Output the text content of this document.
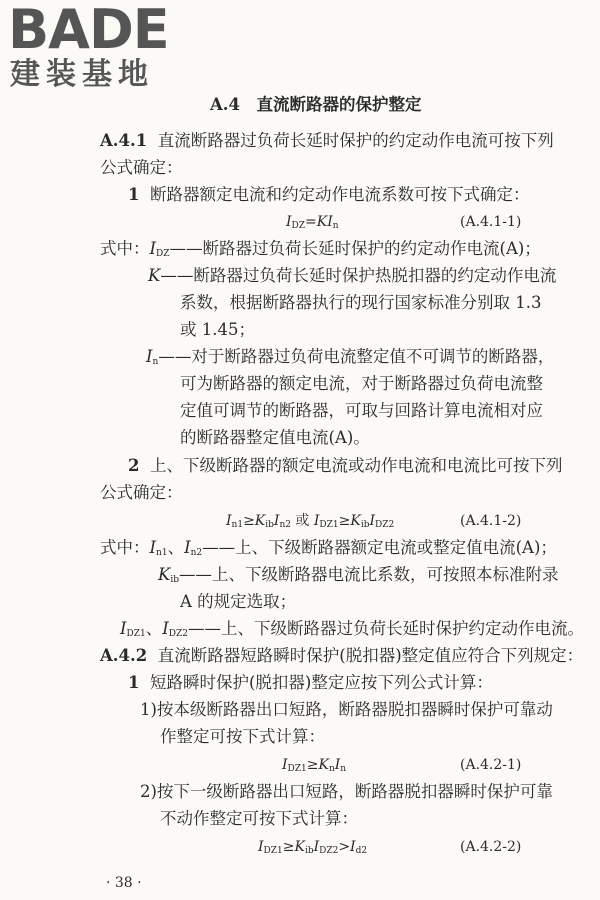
BADE
建装基地
A.4　直流断路器的保护整定
A.4.1 直流断路器过负荷长延时保护的约定动作电流可按下列
公式确定：
1 断路器额定电流和约定动作电流系数可按下式确定：
$I_{DZ}=KI_n$	(A.4.1-1)
式中：$I_{DZ}——$断路器过负荷长延时保护的约定动作电流(A)；
K——断路器过负荷长延时保护热脱扣器的约定动作电流
系数，根据断路器执行的现行国家标准分别取 1.3
或 1.45；
$I_n——$对于断路器过负荷电流整定值不可调节的断路器，
可为断路器的额定电流，对于断路器过负荷电流整
定值可调节的断路器，可取与回路计算电流相对应
的断路器整定值电流(A)。
2 上、下级断路器的额定电流或动作电流和电流比可按下列
公式确定：
$I_{n1}\ge K_{ib}I_{n2}$ 或 $I_{DZ1}\ge K_{ib}I_{DZ2}$	(A.4.1-2)
式中：$I_{n1}$、$I_{n2}——$上、下级断路器额定电流或整定值电流(A)；
$K_{ib}——$上、下级断路器电流比系数，可按照本标准附录
A 的规定选取；
$I_{DZ1}$、$I_{DZ2}——$上、下级断路器过负荷长延时保护约定动作电流。
A.4.2 直流断路器短路瞬时保护(脱扣器)整定值应符合下列规定：
1 短路瞬时保护(脱扣器)整定应按下列公式计算：
1)按本级断路器出口短路，断路器脱扣器瞬时保护可靠动
作整定可按下式计算：
$I_{DZ1}\ge K_nI_n$	(A.4.2-1)
2)按下一级断路器出口短路，断路器脱扣器瞬时保护可靠
不动作整定可按下式计算：
$I_{DZ1}\ge K_{ib}I_{DZ2}>I_{d2}$	(A.4.2-2)
· 38 ·
